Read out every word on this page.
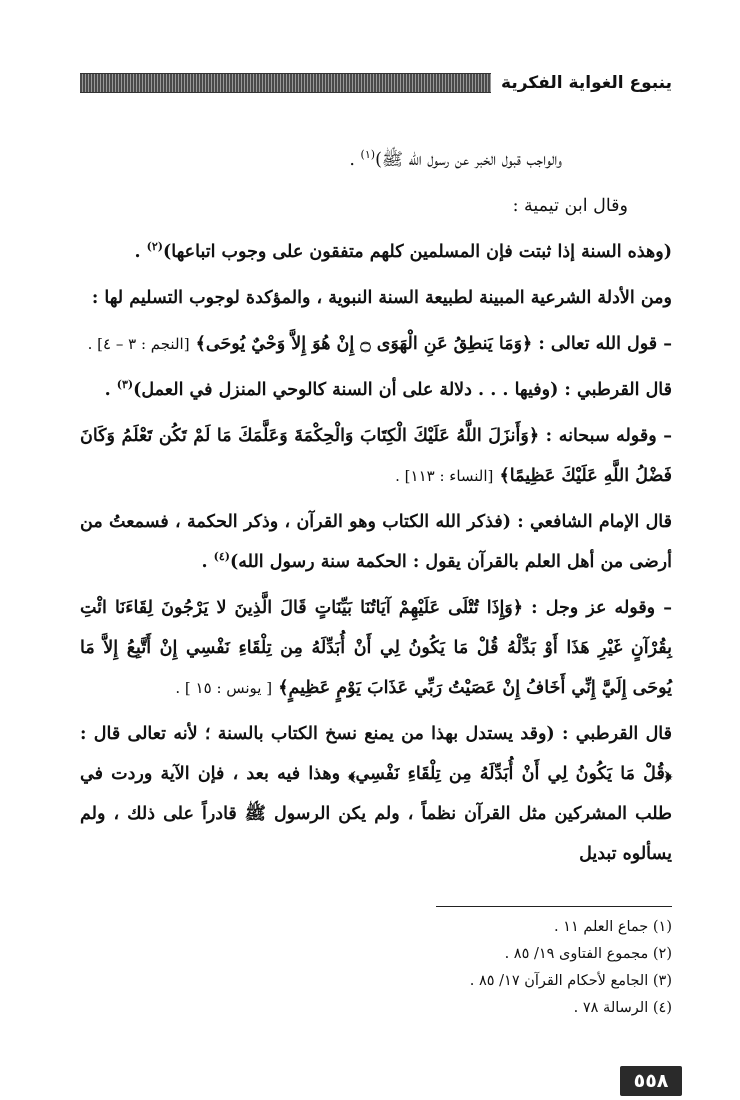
ينبوع الغواية الفكرية

والواجب قبول الخبر عن رسول الله ﷺ)$^{(١)}$ .

وقال ابن تيمية :

(وهذه السنة إذا ثبتت فإن المسلمين كلهم متفقون على وجوب اتباعها)$^{(٢)}$ .

ومن الأدلة الشرعية المبينة لطبيعة السنة النبوية ، والمؤكدة لوجوب التسليم لها :

– قول الله تعالى : ﴿وَمَا يَنطِقُ عَنِ الْهَوَى ۝ إِنْ هُوَ إِلاَّ وَحْيٌ يُوحَى﴾ [النجم : ٣ – ٤] .

قال القرطبي : (وفيها . . . دلالة على أن السنة كالوحي المنزل في العمل)$^{(٣)}$ .

– وقوله سبحانه : ﴿وَأَنزَلَ اللَّهُ عَلَيْكَ الْكِتَابَ وَالْحِكْمَةَ وَعَلَّمَكَ مَا لَمْ تَكُن تَعْلَمُ وَكَانَ فَضْلُ اللَّهِ عَلَيْكَ عَظِيمًا﴾ [النساء : ١١٣] .

قال الإمام الشافعي : (فذكر الله الكتاب وهو القرآن ، وذكر الحكمة ، فسمعتُ من أرضى من أهل العلم بالقرآن يقول : الحكمة سنة رسول الله)$^{(٤)}$ .

– وقوله عز وجل : ﴿وَإِذَا تُتْلَى عَلَيْهِمْ آيَاتُنَا بَيِّنَاتٍ قَالَ الَّذِينَ لا يَرْجُونَ لِقَاءَنَا ائْتِ بِقُرْآنٍ غَيْرِ هَذَا أَوْ بَدِّلْهُ قُلْ مَا يَكُونُ لِي أَنْ أُبَدِّلَهُ مِن تِلْقَاءِ نَفْسِي إِنْ أَتَّبِعُ إِلاَّ مَا يُوحَى إِلَيَّ إِنِّي أَخَافُ إِنْ عَصَيْتُ رَبِّي عَذَابَ يَوْمٍ عَظِيمٍ﴾ [ يونس : ١٥ ] .

قال القرطبي : (وقد يستدل بهذا من يمنع نسخ الكتاب بالسنة ؛ لأنه تعالى قال : ﴿قُلْ مَا يَكُونُ لِي أَنْ أُبَدِّلَهُ مِن تِلْقَاءِ نَفْسِي﴾ وهذا فيه بعد ، فإن الآية وردت في طلب المشركين مثل القرآن نظماً ، ولم يكن الرسول ﷺ قادراً على ذلك ، ولم يسألوه تبديل

(١) جماع العلم ١١ .

(٢) مجموع الفتاوى ١٩/ ٨٥ .

(٣) الجامع لأحكام القرآن ١٧/ ٨٥ .

(٤) الرسالة ٧٨ .

٥٥٨
